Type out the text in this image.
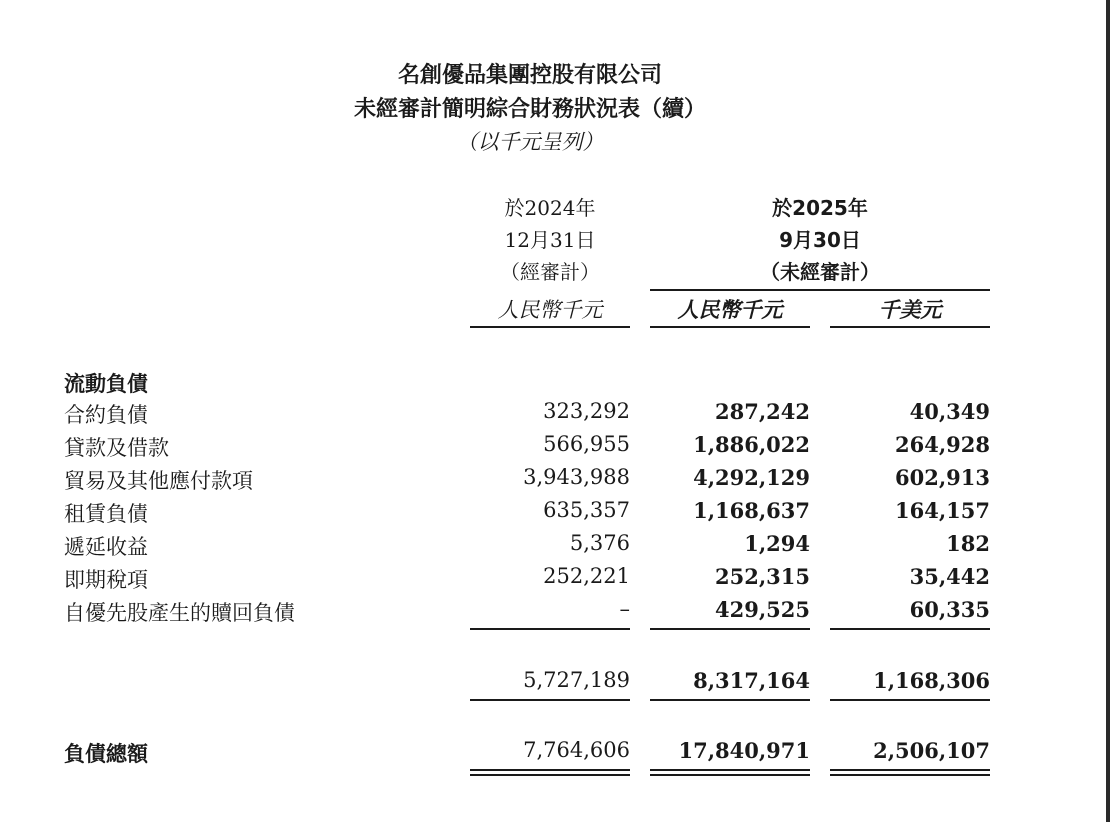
名創優品集團控股有限公司
未經審計簡明綜合財務狀況表（續）
（以千元呈列）
於2024年
12月31日
（經審計）
於2025年
9月30日
（未經審計）
人民幣千元	人民幣千元	千美元
流動負債
合約負債	323,292	287,242	40,349
貸款及借款	566,955	1,886,022	264,928
貿易及其他應付款項	3,943,988	4,292,129	602,913
租賃負債	635,357	1,168,637	164,157
遞延收益	5,376	1,294	182
即期稅項	252,221	252,315	35,442
自優先股產生的贖回負債	–	429,525	60,335
5,727,189	8,317,164	1,168,306
負債總額	7,764,606	17,840,971	2,506,107
